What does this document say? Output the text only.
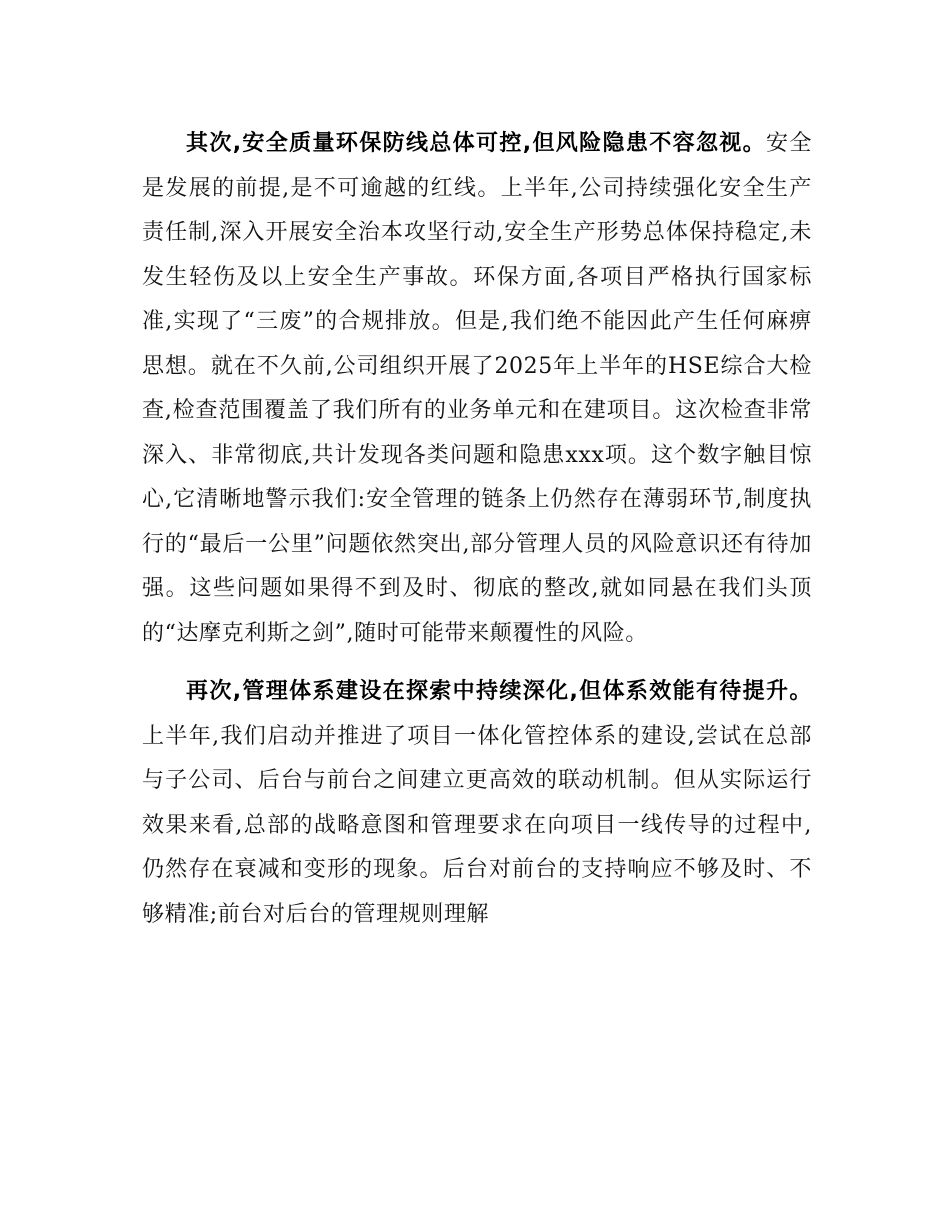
其次,安全质量环保防线总体可控,但风险隐患不容忽视。安全是发展的前提,是不可逾越的红线。上半年,公司持续强化安全生产责任制,深入开展安全治本攻坚行动,安全生产形势总体保持稳定,未发生轻伤及以上安全生产事故。环保方面,各项目严格执行国家标准,实现了“三废”的合规排放。但是,我们绝不能因此产生任何麻痹思想。就在不久前,公司组织开展了2025年上半年的HSE综合大检查,检查范围覆盖了我们所有的业务单元和在建项目。这次检查非常深入、非常彻底,共计发现各类问题和隐患xxx项。这个数字触目惊心,它清晰地警示我们:安全管理的链条上仍然存在薄弱环节,制度执行的“最后一公里”问题依然突出,部分管理人员的风险意识还有待加强。这些问题如果得不到及时、彻底的整改,就如同悬在我们头顶的“达摩克利斯之剑”,随时可能带来颠覆性的风险。

再次,管理体系建设在探索中持续深化,但体系效能有待提升。上半年,我们启动并推进了项目一体化管控体系的建设,尝试在总部与子公司、后台与前台之间建立更高效的联动机制。但从实际运行效果来看,总部的战略意图和管理要求在向项目一线传导的过程中,仍然存在衰减和变形的现象。后台对前台的支持响应不够及时、不够精准;前台对后台的管理规则理解
